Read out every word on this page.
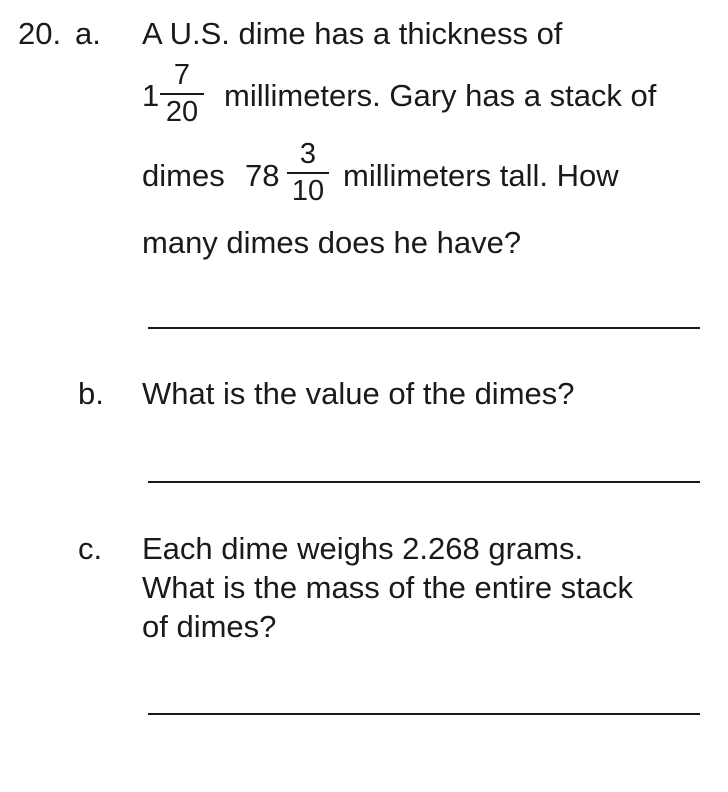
20. a. A U.S. dime has a thickness of
1
7
20 millimeters. Gary has a stack of
dimes 78
3
10 millimeters tall. How
many dimes does he have?
b. What is the value of the dimes?
c. Each dime weighs 2.268 grams.
What is the mass of the entire stack
of dimes?
